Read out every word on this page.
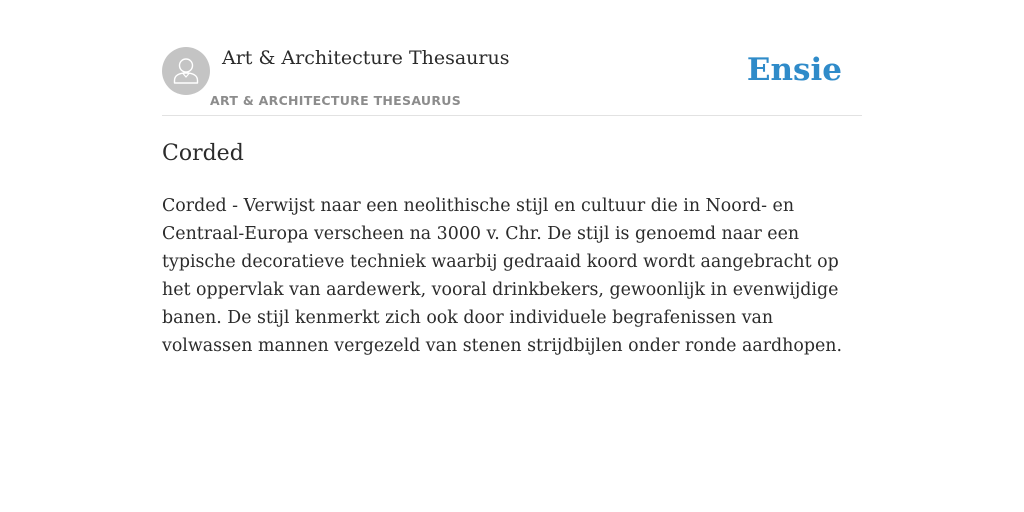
Art & Architecture Thesaurus
ART & ARCHITECTURE THESAURUS
Ensie
Corded

Corded - Verwijst naar een neolithische stijl en cultuur die in Noord- en Centraal-Europa verscheen na 3000 v. Chr. De stijl is genoemd naar een typische decoratieve techniek waarbij gedraaid koord wordt aangebracht op het oppervlak van aardewerk, vooral drinkbekers, gewoonlijk in evenwijdige banen. De stijl kenmerkt zich ook door individuele begrafenissen van volwassen mannen vergezeld van stenen strijdbijlen onder ronde aardhopen.
